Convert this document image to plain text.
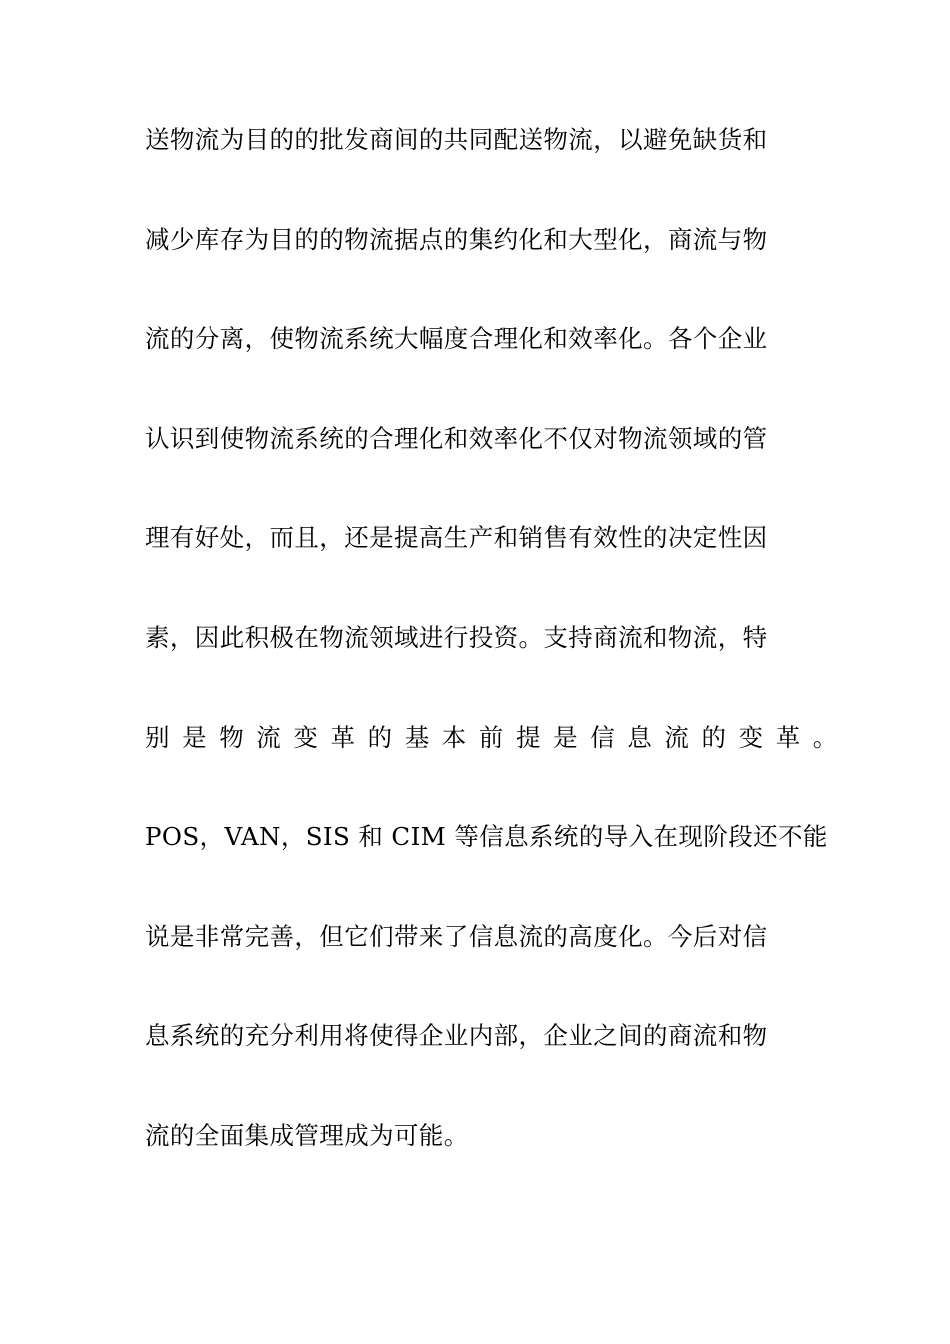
送物流为目的的批发商间的共同配送物流，以避免缺货和
减少库存为目的的物流据点的集约化和大型化，商流与物
流的分离，使物流系统大幅度合理化和效率化。各个企业
认识到使物流系统的合理化和效率化不仅对物流领域的管
理有好处，而且，还是提高生产和销售有效性的决定性因
素，因此积极在物流领域进行投资。支持商流和物流，特
别是物流变革的基本前提是信息流的变革。
POS，VAN，SIS 和 CIM 等信息系统的导入在现阶段还不能
说是非常完善，但它们带来了信息流的高度化。今后对信
息系统的充分利用将使得企业内部，企业之间的商流和物
流的全面集成管理成为可能。
